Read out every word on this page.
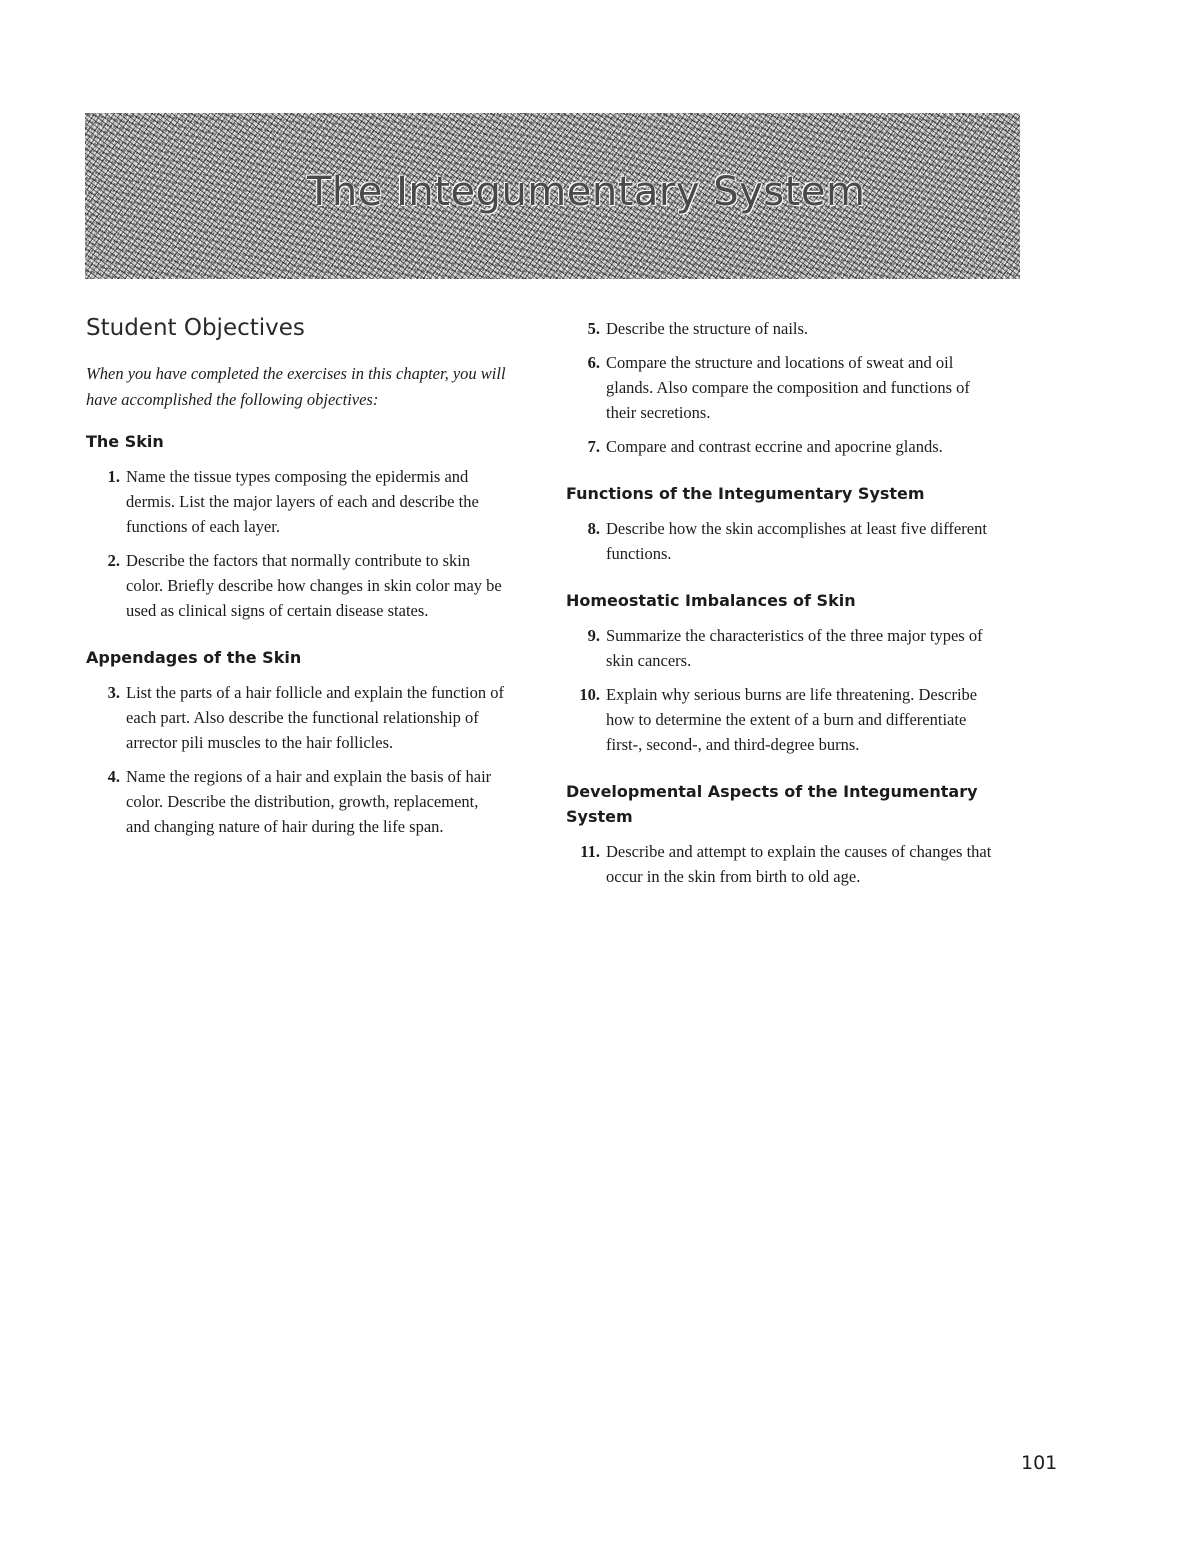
The Integumentary System
Student Objectives

When you have completed the exercises in this chapter, you will have accomplished the following objectives:

The Skin
1. Name the tissue types composing the epidermis and dermis. List the major layers of each and describe the functions of each layer.
2. Describe the factors that normally contribute to skin color. Briefly describe how changes in skin color may be used as clinical signs of certain disease states.
Appendages of the Skin
3. List the parts of a hair follicle and explain the function of each part. Also describe the functional relationship of arrector pili muscles to the hair follicles.
4. Name the regions of a hair and explain the basis of hair color. Describe the distribution, growth, replacement, and changing nature of hair during the life span.
5. Describe the structure of nails.
6. Compare the structure and locations of sweat and oil glands. Also compare the composition and functions of their secretions.
7. Compare and contrast eccrine and apocrine glands.
Functions of the Integumentary System
8. Describe how the skin accomplishes at least five different functions.
Homeostatic Imbalances of Skin
9. Summarize the characteristics of the three major types of skin cancers.
10. Explain why serious burns are life threatening. Describe how to determine the extent of a burn and differentiate first-, second-, and third-degree burns.
Developmental Aspects of the Integumentary System
11. Describe and attempt to explain the causes of changes that occur in the skin from birth to old age.
101
